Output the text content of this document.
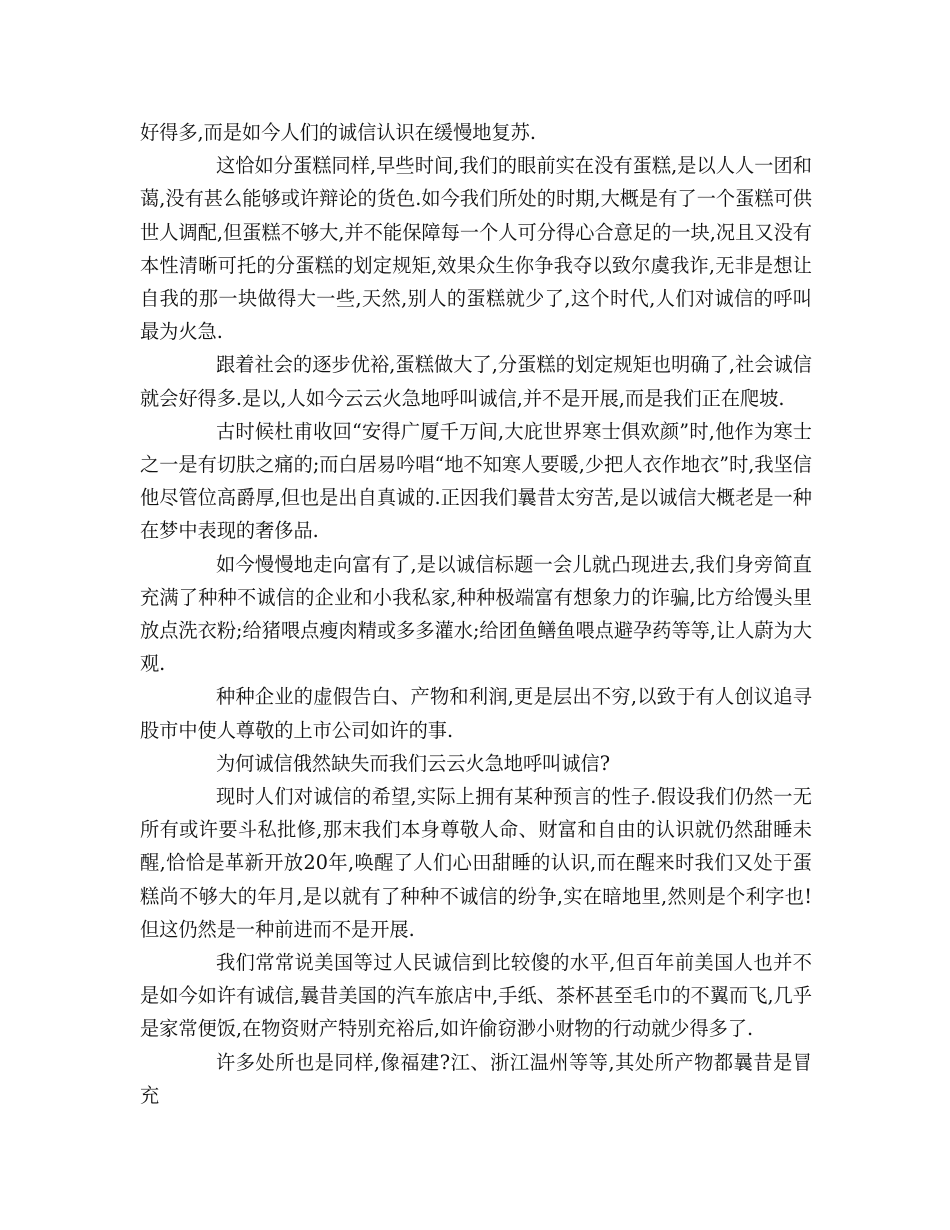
好得多,而是如今人们的诚信认识在缓慢地复苏.

这恰如分蛋糕同样,早些时间,我们的眼前实在没有蛋糕,是以人人一团和蔼,没有甚么能够或许辩论的货色.如今我们所处的时期,大概是有了一个蛋糕可供世人调配,但蛋糕不够大,并不能保障每一个人可分得心合意足的一块,况且又没有本性清晰可托的分蛋糕的划定规矩,效果众生你争我夺以致尔虞我诈,无非是想让自我的那一块做得大一些,天然,别人的蛋糕就少了,这个时代,人们对诚信的呼叫最为火急.

跟着社会的逐步优裕,蛋糕做大了,分蛋糕的划定规矩也明确了,社会诚信就会好得多.是以,人如今云云火急地呼叫诚信,并不是开展,而是我们正在爬坡.

古时候杜甫收回“安得广厦千万间,大庇世界寒士俱欢颜”时,他作为寒士之一是有切肤之痛的;而白居易吟唱“地不知寒人要暖,少把人衣作地衣”时,我坚信他尽管位高爵厚,但也是出自真诚的.正因我们曩昔太穷苦,是以诚信大概老是一种在梦中表现的奢侈品.

如今慢慢地走向富有了,是以诚信标题一会儿就凸现进去,我们身旁简直充满了种种不诚信的企业和小我私家,种种极端富有想象力的诈骗,比方给馒头里放点洗衣粉;给猪喂点瘦肉精或多多灌水;给团鱼鳝鱼喂点避孕药等等,让人蔚为大观.

种种企业的虚假告白、产物和利润,更是层出不穷,以致于有人创议追寻股市中使人尊敬的上市公司如许的事.

为何诚信俄然缺失而我们云云火急地呼叫诚信?

现时人们对诚信的希望,实际上拥有某种预言的性子.假设我们仍然一无所有或许要斗私批修,那末我们本身尊敬人命、财富和自由的认识就仍然甜睡未醒,恰恰是革新开放20年,唤醒了人们心田甜睡的认识,而在醒来时我们又处于蛋糕尚不够大的年月,是以就有了种种不诚信的纷争,实在暗地里,然则是个利字也!但这仍然是一种前进而不是开展.

我们常常说美国等过人民诚信到比较傻的水平,但百年前美国人也并不是如今如许有诚信,曩昔美国的汽车旅店中,手纸、茶杯甚至毛巾的不翼而飞,几乎是家常便饭,在物资财产特别充裕后,如许偷窃渺小财物的行动就少得多了.

许多处所也是同样,像福建?江、浙江温州等等,其处所产物都曩昔是冒充
